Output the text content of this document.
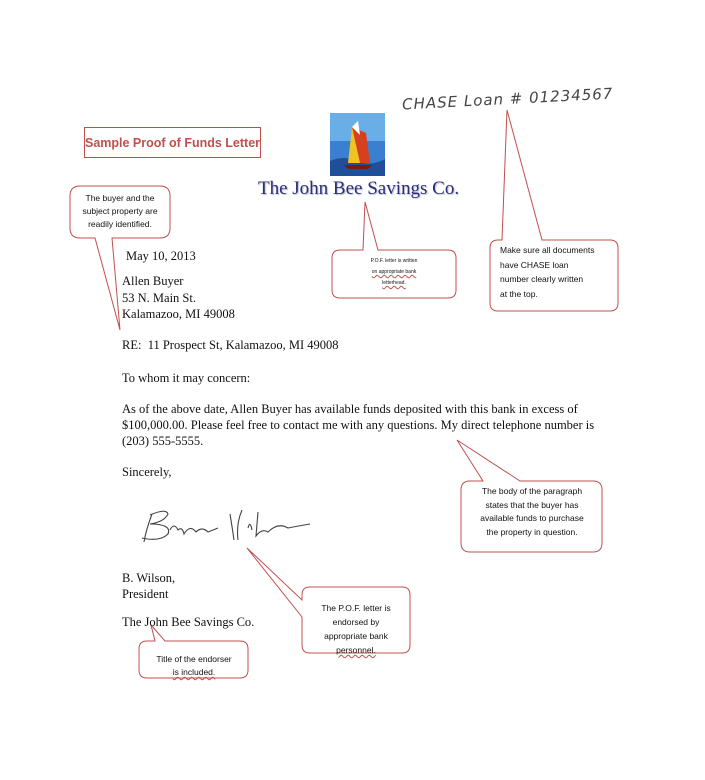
Sample Proof of Funds Letter
CHASE Loan # 01234567
The John Bee Savings Co.
May 10, 2013
Allen Buyer
53 N. Main St.
Kalamazoo, MI 49008
RE:  11 Prospect St, Kalamazoo, MI 49008
To whom it may concern:
As of the above date, Allen Buyer has available funds deposited with this bank in excess of
$100,000.00. Please feel free to contact me with any questions. My direct telephone number is
(203) 555-5555.
Sincerely,
B. Wilson,
President
The John Bee Savings Co.
The buyer and the
subject property are
readily identified.
P.O.F. letter is written
on appropriate bank
letterhead.
Make sure all documents
have CHASE loan
number clearly written
at the top.
The body of the paragraph
states that the buyer has
available funds to purchase
the property in question.
The P.O.F. letter is
endorsed by
appropriate bank
personnel.
Title of the endorser
is included.
